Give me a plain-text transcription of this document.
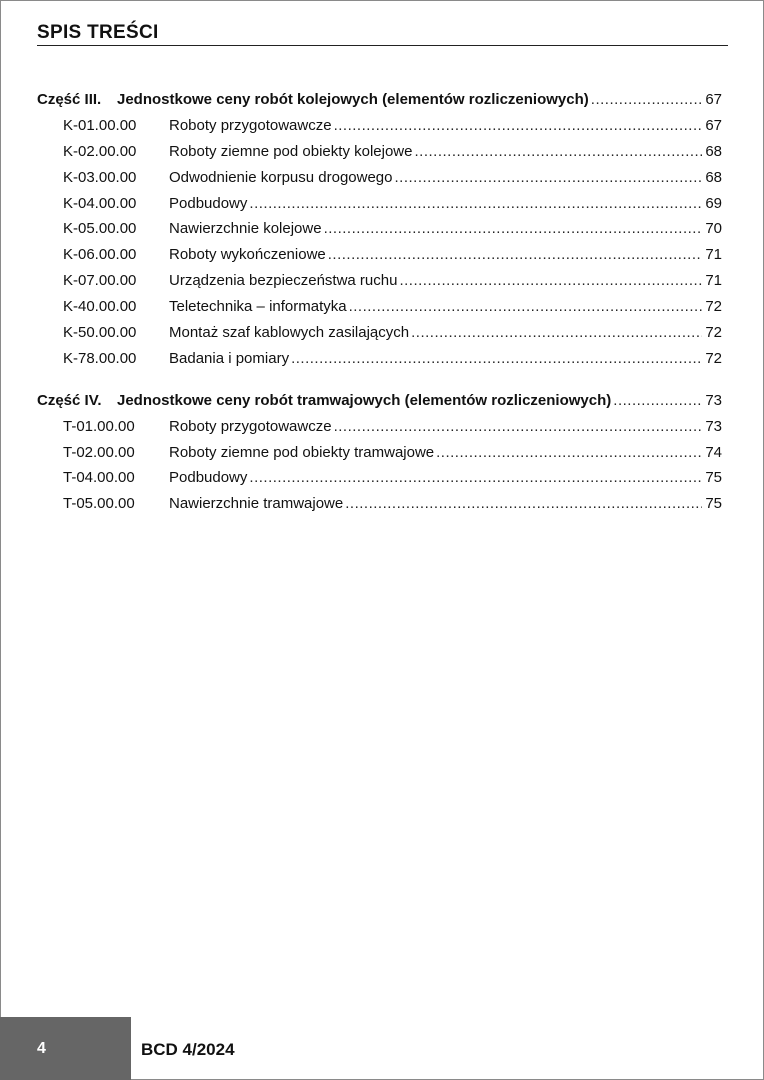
SPIS TREŚCI
Część III.	Jednostkowe ceny robót kolejowych (elementów rozliczeniowych) .....	67
K-01.00.00	Roboty przygotowawcze .....	67
K-02.00.00	Roboty ziemne pod obiekty kolejowe .....	68
K-03.00.00	Odwodnienie korpusu drogowego .....	68
K-04.00.00	Podbudowy .....	69
K-05.00.00	Nawierzchnie kolejowe .....	70
K-06.00.00	Roboty wykończeniowe .....	71
K-07.00.00	Urządzenia bezpieczeństwa ruchu .....	71
K-40.00.00	Teletechnika – informatyka .....	72
K-50.00.00	Montaż szaf kablowych zasilających .....	72
K-78.00.00	Badania i pomiary .....	72
Część IV.	Jednostkowe ceny robót tramwajowych (elementów rozliczeniowych) .....	73
T-01.00.00	Roboty przygotowawcze .....	73
T-02.00.00	Roboty ziemne pod obiekty tramwajowe .....	74
T-04.00.00	Podbudowy .....	75
T-05.00.00	Nawierzchnie tramwajowe .....	75
4	BCD 4/2024
